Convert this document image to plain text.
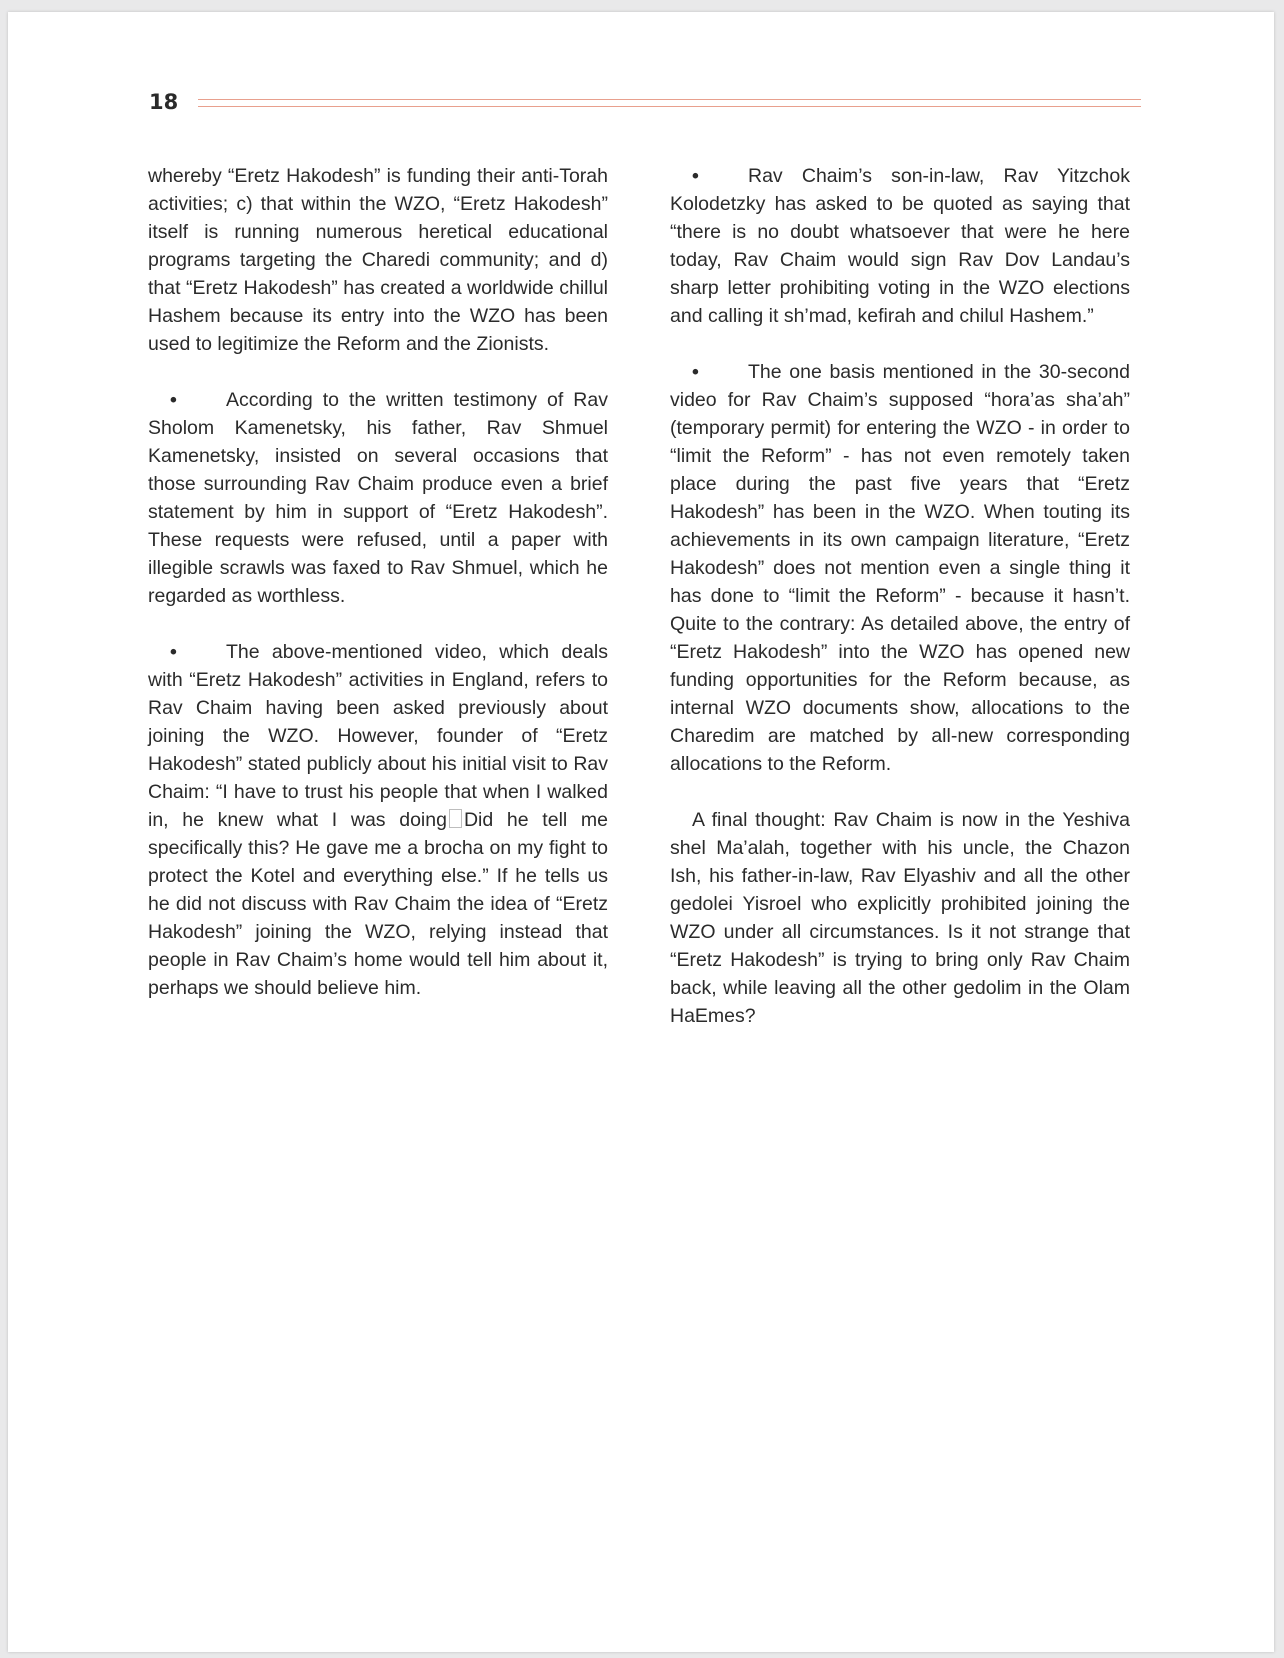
18

whereby “Eretz Hakodesh” is funding their anti-Torah activities; c) that within the WZO, “Eretz Hakodesh” itself is running numerous heretical educational programs targeting the Charedi community; and d) that “Eretz Hakodesh” has created a worldwide chillul Hashem because its entry into the WZO has been used to legitimize the Reform and the Zionists.

•	According to the written testimony of Rav Sholom Kamenetsky, his father, Rav Shmuel Kamenetsky, insisted on several occasions that those surrounding Rav Chaim produce even a brief statement by him in support of “Eretz Hakodesh”. These requests were refused, until a paper with illegible scrawls was faxed to Rav Shmuel, which he regarded as worthless.

•	The above-mentioned video, which deals with “Eretz Hakodesh” activities in England, refers to Rav Chaim having been asked previously about joining the WZO. However, founder of “Eretz Hakodesh” stated publicly about his initial visit to Rav Chaim: “I have to trust his people that when I walked in, he knew what I was doing Did he tell me specifically this? He gave me a brocha on my fight to protect the Kotel and everything else.” If he tells us he did not discuss with Rav Chaim the idea of “Eretz Hakodesh” joining the WZO, relying instead that people in Rav Chaim’s home would tell him about it, perhaps we should believe him.

•	Rav Chaim’s son-in-law, Rav Yitzchok Kolodetzky has asked to be quoted as saying that “there is no doubt whatsoever that were he here today, Rav Chaim would sign Rav Dov Landau’s sharp letter prohibiting voting in the WZO elections and calling it sh’mad, kefirah and chilul Hashem.”

•	The one basis mentioned in the 30-second video for Rav Chaim’s supposed “hora’as sha’ah” (temporary permit) for entering the WZO - in order to “limit the Reform” - has not even remotely taken place during the past five years that “Eretz Hakodesh” has been in the WZO. When touting its achievements in its own campaign literature, “Eretz Hakodesh” does not mention even a single thing it has done to “limit the Reform” - because it hasn’t. Quite to the contrary: As detailed above, the entry of “Eretz Hakodesh” into the WZO has opened new funding opportunities for the Reform because, as internal WZO documents show, allocations to the Charedim are matched by all-new corresponding allocations to the Reform.

A final thought: Rav Chaim is now in the Yeshiva shel Ma’alah, together with his uncle, the Chazon Ish, his father-in-law, Rav Elyashiv and all the other gedolei Yisroel who explicitly prohibited joining the WZO under all circumstances. Is it not strange that “Eretz Hakodesh” is trying to bring only Rav Chaim back, while leaving all the other gedolim in the Olam HaEmes?
